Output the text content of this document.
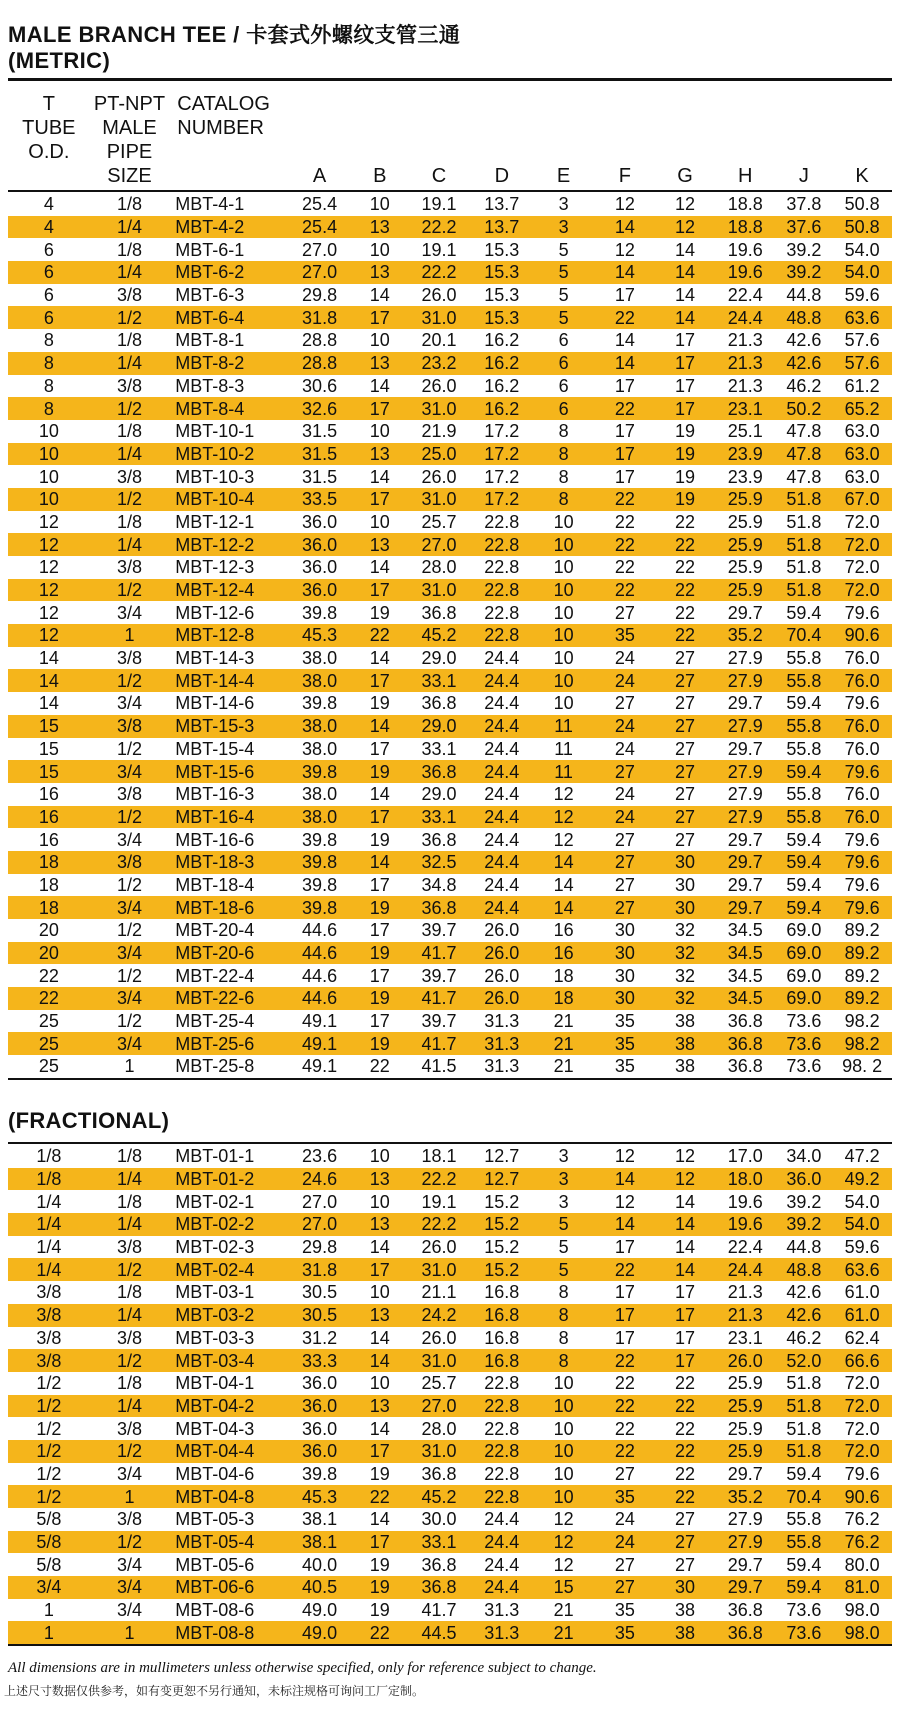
MALE BRANCH TEE / 卡套式外螺纹支管三通
(METRIC)
T
TUBE
O.D.

PT-NPT
MALE
PIPE
SIZE

CATALOG
NUMBER
	A	B	C	D	E	F	G	H	J	K
4	1/8	MBT-4-1	25.4	10	19.1	13.7	3	12	12	18.8	37.8	50.8
4	1/4	MBT-4-2	25.4	13	22.2	13.7	3	14	12	18.8	37.6	50.8
6	1/8	MBT-6-1	27.0	10	19.1	15.3	5	12	14	19.6	39.2	54.0
6	1/4	MBT-6-2	27.0	13	22.2	15.3	5	14	14	19.6	39.2	54.0
6	3/8	MBT-6-3	29.8	14	26.0	15.3	5	17	14	22.4	44.8	59.6
6	1/2	MBT-6-4	31.8	17	31.0	15.3	5	22	14	24.4	48.8	63.6
8	1/8	MBT-8-1	28.8	10	20.1	16.2	6	14	17	21.3	42.6	57.6
8	1/4	MBT-8-2	28.8	13	23.2	16.2	6	14	17	21.3	42.6	57.6
8	3/8	MBT-8-3	30.6	14	26.0	16.2	6	17	17	21.3	46.2	61.2
8	1/2	MBT-8-4	32.6	17	31.0	16.2	6	22	17	23.1	50.2	65.2
10	1/8	MBT-10-1	31.5	10	21.9	17.2	8	17	19	25.1	47.8	63.0
10	1/4	MBT-10-2	31.5	13	25.0	17.2	8	17	19	23.9	47.8	63.0
10	3/8	MBT-10-3	31.5	14	26.0	17.2	8	17	19	23.9	47.8	63.0
10	1/2	MBT-10-4	33.5	17	31.0	17.2	8	22	19	25.9	51.8	67.0
12	1/8	MBT-12-1	36.0	10	25.7	22.8	10	22	22	25.9	51.8	72.0
12	1/4	MBT-12-2	36.0	13	27.0	22.8	10	22	22	25.9	51.8	72.0
12	3/8	MBT-12-3	36.0	14	28.0	22.8	10	22	22	25.9	51.8	72.0
12	1/2	MBT-12-4	36.0	17	31.0	22.8	10	22	22	25.9	51.8	72.0
12	3/4	MBT-12-6	39.8	19	36.8	22.8	10	27	22	29.7	59.4	79.6
12	1	MBT-12-8	45.3	22	45.2	22.8	10	35	22	35.2	70.4	90.6
14	3/8	MBT-14-3	38.0	14	29.0	24.4	10	24	27	27.9	55.8	76.0
14	1/2	MBT-14-4	38.0	17	33.1	24.4	10	24	27	27.9	55.8	76.0
14	3/4	MBT-14-6	39.8	19	36.8	24.4	10	27	27	29.7	59.4	79.6
15	3/8	MBT-15-3	38.0	14	29.0	24.4	11	24	27	27.9	55.8	76.0
15	1/2	MBT-15-4	38.0	17	33.1	24.4	11	24	27	29.7	55.8	76.0
15	3/4	MBT-15-6	39.8	19	36.8	24.4	11	27	27	27.9	59.4	79.6
16	3/8	MBT-16-3	38.0	14	29.0	24.4	12	24	27	27.9	55.8	76.0
16	1/2	MBT-16-4	38.0	17	33.1	24.4	12	24	27	27.9	55.8	76.0
16	3/4	MBT-16-6	39.8	19	36.8	24.4	12	27	27	29.7	59.4	79.6
18	3/8	MBT-18-3	39.8	14	32.5	24.4	14	27	30	29.7	59.4	79.6
18	1/2	MBT-18-4	39.8	17	34.8	24.4	14	27	30	29.7	59.4	79.6
18	3/4	MBT-18-6	39.8	19	36.8	24.4	14	27	30	29.7	59.4	79.6
20	1/2	MBT-20-4	44.6	17	39.7	26.0	16	30	32	34.5	69.0	89.2
20	3/4	MBT-20-6	44.6	19	41.7	26.0	16	30	32	34.5	69.0	89.2
22	1/2	MBT-22-4	44.6	17	39.7	26.0	18	30	32	34.5	69.0	89.2
22	3/4	MBT-22-6	44.6	19	41.7	26.0	18	30	32	34.5	69.0	89.2
25	1/2	MBT-25-4	49.1	17	39.7	31.3	21	35	38	36.8	73.6	98.2
25	3/4	MBT-25-6	49.1	19	41.7	31.3	21	35	38	36.8	73.6	98.2
25	1	MBT-25-8	49.1	22	41.5	31.3	21	35	38	36.8	73.6	98. 2
(FRACTIONAL)
1/8	1/8	MBT-01-1	23.6	10	18.1	12.7	3	12	12	17.0	34.0	47.2
1/8	1/4	MBT-01-2	24.6	13	22.2	12.7	3	14	12	18.0	36.0	49.2
1/4	1/8	MBT-02-1	27.0	10	19.1	15.2	3	12	14	19.6	39.2	54.0
1/4	1/4	MBT-02-2	27.0	13	22.2	15.2	5	14	14	19.6	39.2	54.0
1/4	3/8	MBT-02-3	29.8	14	26.0	15.2	5	17	14	22.4	44.8	59.6
1/4	1/2	MBT-02-4	31.8	17	31.0	15.2	5	22	14	24.4	48.8	63.6
3/8	1/8	MBT-03-1	30.5	10	21.1	16.8	8	17	17	21.3	42.6	61.0
3/8	1/4	MBT-03-2	30.5	13	24.2	16.8	8	17	17	21.3	42.6	61.0
3/8	3/8	MBT-03-3	31.2	14	26.0	16.8	8	17	17	23.1	46.2	62.4
3/8	1/2	MBT-03-4	33.3	14	31.0	16.8	8	22	17	26.0	52.0	66.6
1/2	1/8	MBT-04-1	36.0	10	25.7	22.8	10	22	22	25.9	51.8	72.0
1/2	1/4	MBT-04-2	36.0	13	27.0	22.8	10	22	22	25.9	51.8	72.0
1/2	3/8	MBT-04-3	36.0	14	28.0	22.8	10	22	22	25.9	51.8	72.0
1/2	1/2	MBT-04-4	36.0	17	31.0	22.8	10	22	22	25.9	51.8	72.0
1/2	3/4	MBT-04-6	39.8	19	36.8	22.8	10	27	22	29.7	59.4	79.6
1/2	1	MBT-04-8	45.3	22	45.2	22.8	10	35	22	35.2	70.4	90.6
5/8	3/8	MBT-05-3	38.1	14	30.0	24.4	12	24	27	27.9	55.8	76.2
5/8	1/2	MBT-05-4	38.1	17	33.1	24.4	12	24	27	27.9	55.8	76.2
5/8	3/4	MBT-05-6	40.0	19	36.8	24.4	12	27	27	29.7	59.4	80.0
3/4	3/4	MBT-06-6	40.5	19	36.8	24.4	15	27	30	29.7	59.4	81.0
1	3/4	MBT-08-6	49.0	19	41.7	31.3	21	35	38	36.8	73.6	98.0
1	1	MBT-08-8	49.0	22	44.5	31.3	21	35	38	36.8	73.6	98.0
All dimensions are in mullimeters unless otherwise specified, only for reference subject to change.
上述尺寸数据仅供参考，如有变更恕不另行通知，未标注规格可询问工厂定制。
